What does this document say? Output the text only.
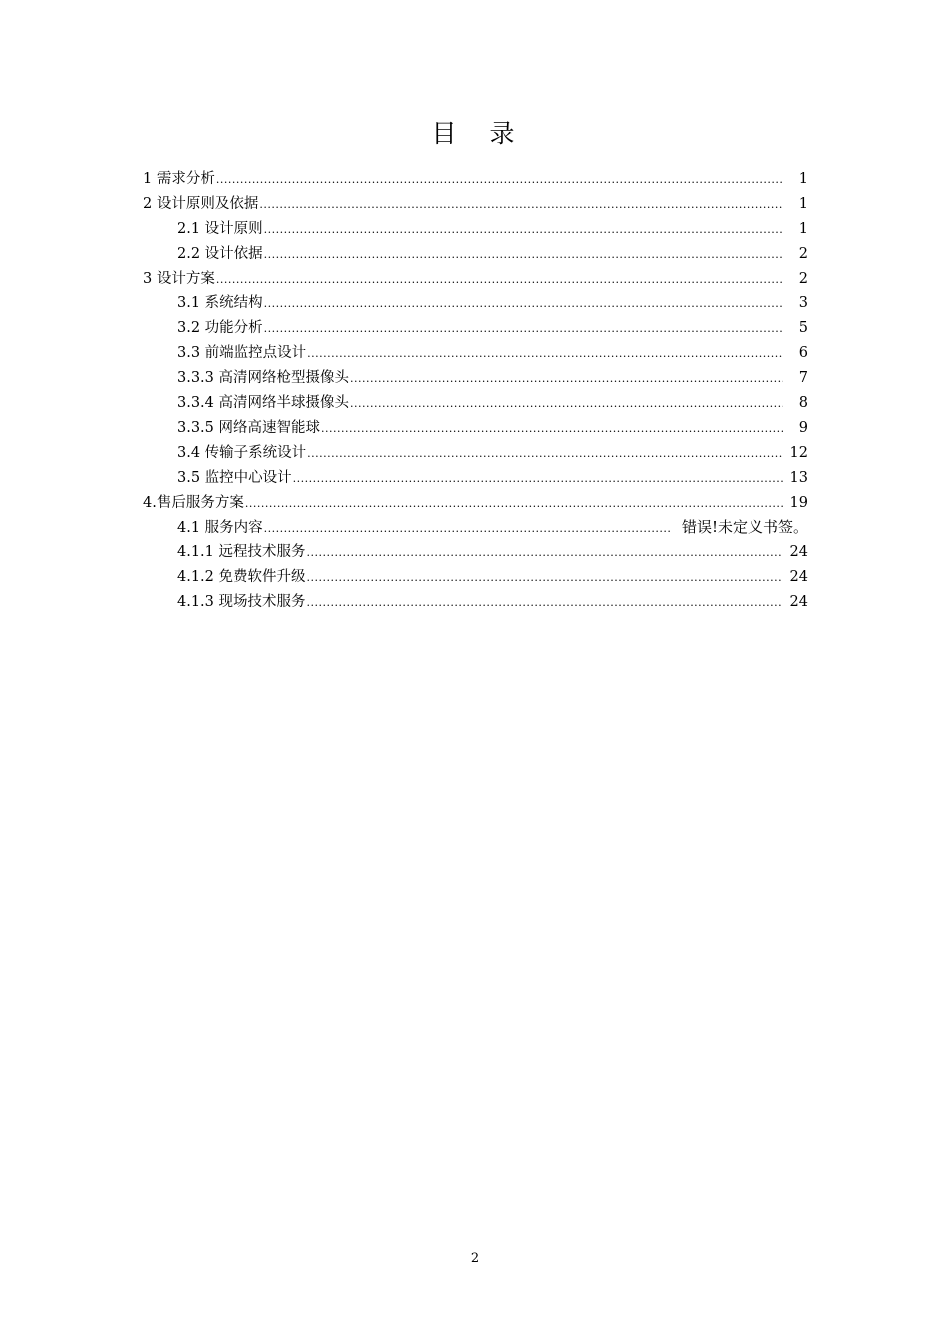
目　录
1 需求分析 .....	1
2 设计原则及依据 .....	1
2.1 设计原则 .....	1
2.2 设计依据 .....	2
3 设计方案 .....	2
3.1 系统结构 .....	3
3.2 功能分析 .....	5
3.3 前端监控点设计 .....	6
3.3.3 高清网络枪型摄像头 .....	7
3.3.4 高清网络半球摄像头 .....	8
3.3.5 网络高速智能球 .....	9
3.4 传输子系统设计 .....	12
3.5 监控中心设计 .....	13
4.售后服务方案 .....	19
4.1 服务内容 .....	错误!未定义书签。
4.1.1 远程技术服务 .....	24
4.1.2 免费软件升级 .....	24
4.1.3 现场技术服务 .....	24
2
